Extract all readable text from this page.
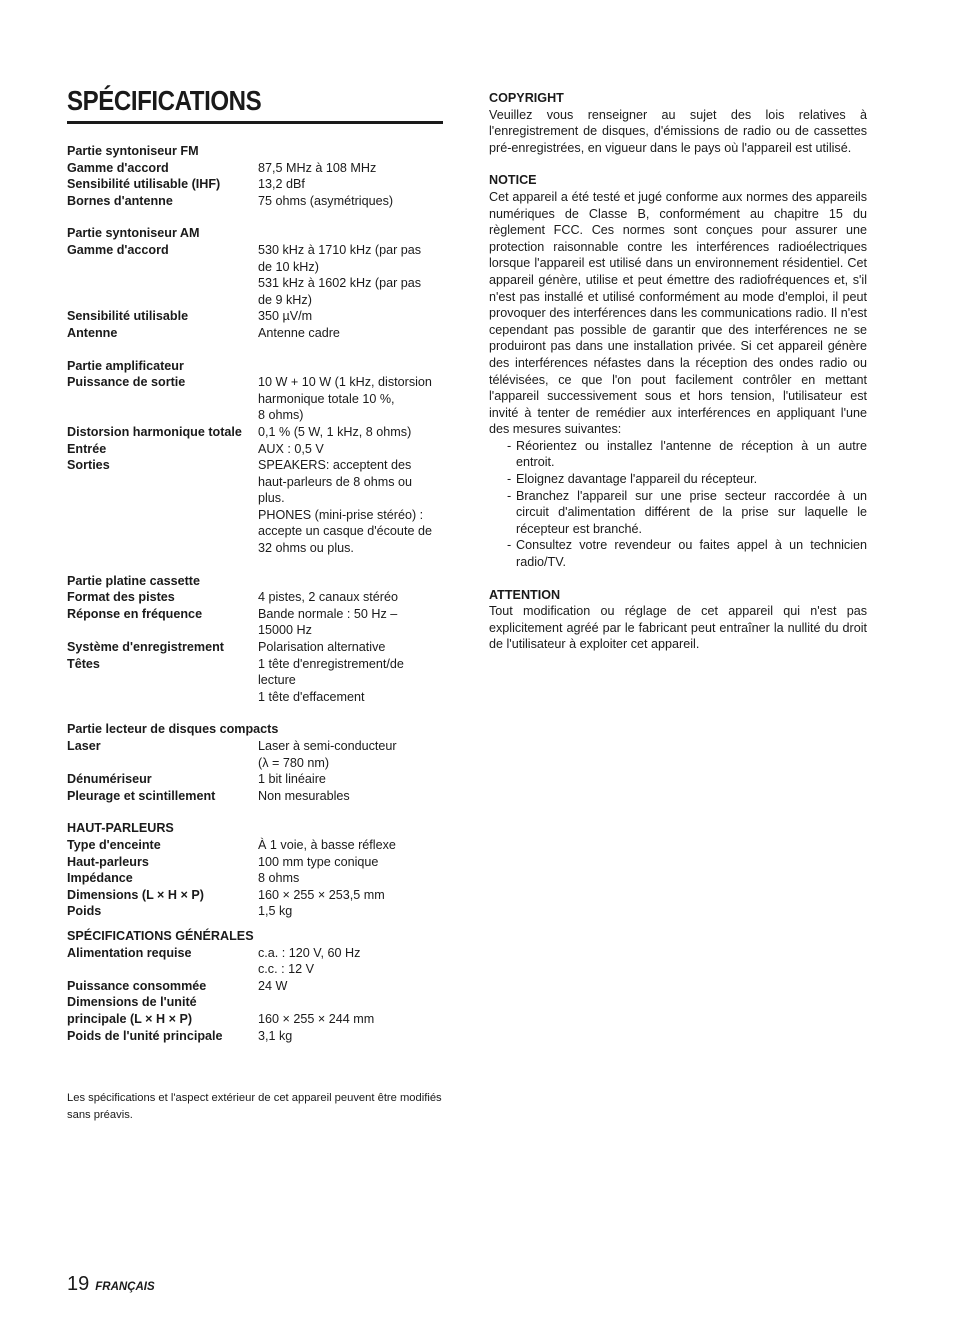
SPÉCIFICATIONS
Partie syntoniseur FM
Gamme d'accord	87,5 MHz à 108 MHz
Sensibilité utilisable (IHF)	13,2 dBf
Bornes d'antenne	75 ohms (asymétriques)
Partie syntoniseur AM
Gamme d'accord	530 kHz à 1710 kHz (par pas
de 10 kHz)
531 kHz à 1602 kHz (par pas
de 9 kHz)
Sensibilité utilisable	350 µV/m
Antenne	Antenne cadre
Partie amplificateur
Puissance de sortie	10 W + 10 W (1 kHz, distorsion
harmonique totale 10 %,
8 ohms)
Distorsion harmonique totale	0,1 % (5 W, 1 kHz, 8 ohms)
Entrée	AUX : 0,5 V
Sorties	SPEAKERS: acceptent des
haut-parleurs de 8 ohms ou
plus.
PHONES (mini-prise stéréo) :
accepte un casque d'écoute de
32 ohms ou plus.
Partie platine cassette
Format des pistes	4 pistes, 2 canaux stéréo
Réponse en fréquence	Bande normale : 50 Hz –
15000 Hz
Système d'enregistrement	Polarisation alternative
Têtes	1 tête d'enregistrement/de
lecture
1 tête d'effacement
Partie lecteur de disques compacts
Laser	Laser à semi-conducteur
(λ = 780 nm)
Dénumériseur	1 bit linéaire
Pleurage et scintillement	Non mesurables
HAUT-PARLEURS
Type d'enceinte	À 1 voie, à basse réflexe
Haut-parleurs	100 mm type conique
Impédance	8 ohms
Dimensions (L × H × P)	160 × 255 × 253,5 mm
Poids	1,5 kg
SPÉCIFICATIONS GÉNÉRALES
Alimentation requise	c.a. : 120 V, 60 Hz
c.c. : 12 V
Puissance consommée	24 W
Dimensions de l'unité

principale (L × H × P)	160 × 255 × 244 mm
Poids de l'unité principale	3,1 kg
Les spécifications et l'aspect extérieur de cet appareil peuvent être modifiés sans préavis.
COPYRIGHT

Veuillez vous renseigner au sujet des lois relatives à l'enregistrement de disques, d'émissions de radio ou de cassettes pré-enregistrées, en vigueur dans le pays où l'appareil est utilisé.

NOTICE

Cet appareil a été testé et jugé conforme aux normes des appareils numériques de Classe B, conformément au chapitre 15 du règlement FCC. Ces normes sont conçues pour assurer une protection raisonnable contre les interférences radioélectriques lorsque l'appareil est utilisé dans un environnement résidentiel. Cet appareil génère, utilise et peut émettre des radiofréquences et, s'il n'est pas installé et utilisé conformément au mode d'emploi, il peut provoquer des interférences dans les communications radio. Il n'est cependant pas possible de garantir que des interférences ne se produiront pas dans une installation privée. Si cet appareil génère des interférences néfastes dans la réception des ondes radio ou télévisées, ce que l'on pout facilement contrôler en mettant l'appareil successivement sous et hors tension, l'utilisateur est invité à tenter de remédier aux interférences en appliquant l'une des mesures suivantes:

- Réorientez ou installez l'antenne de réception à un autre entroit.
- Eloignez davantage l'appareil du récepteur.
- Branchez l'appareil sur une prise secteur raccordée à un circuit d'alimentation différent de la prise sur laquelle le récepteur est branché.
- Consultez votre revendeur ou faites appel à un technicien radio/TV.
ATTENTION

Tout modification ou réglage de cet appareil qui n'est pas explicitement agréé par le fabricant peut entraîner la nullité du droit de l'utilisateur à exploiter cet appareil.

19 FRANÇAIS
